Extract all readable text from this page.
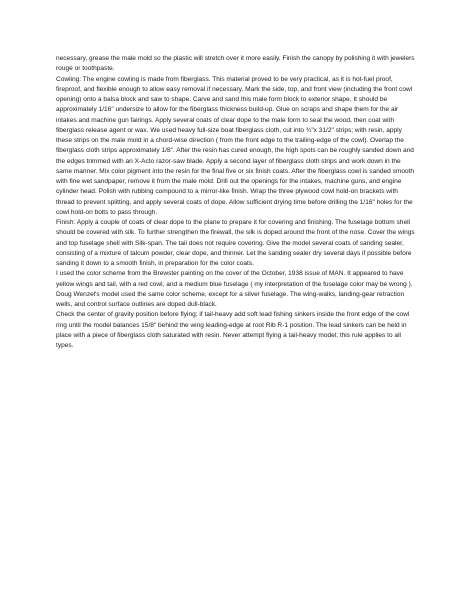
necessary, grease the male mold so the plastic will stretch over it more easily. Finish the canopy by polishing it with jewelers rouge or toothpaste.

Cowling: The engine cowling is made from fiberglass. This material proved to be very practical, as it is hot-fuel proof, fireproof, and flexible enough to allow easy removal if necessary. Mark the side, top, and front view (including the front cowl opening) onto a balsa block and saw to shape. Carve and sand this male form block to exterior shape. It should be approximately 1/16" undersize to allow for the fiberglass thickness build-up. Glue on scraps and shape them for the air intakes and machine gun fairings. Apply several coats of clear dope to the male form to seal the wood, then coat with fiberglass release agent or wax. We used heavy full-size boat fiberglass cloth, cut into ¾"x 31/2" strips; with resin, apply these strips on the male mold in a chord-wise direction ( from the front edge to the trailing-edge of the cowl). Overlap the fiberglass cloth strips approximately 1/8". After the resin has cured enough, the high spots can be roughly sanded down and the edges trimmed with an X-Acto razor-saw blade. Apply a second layer of fiberglass cloth strips and work down in the same manner. Mix color pigment into the resin for the final five or six finish coats. After the fiberglass cowl is sanded smooth with fine wet sandpaper, remove it from the male mold. Drill out the openings for the intakes, machine guns, and engine cylinder head. Polish with rubbing compound to a mirror-like finish. Wrap the three plywood cowl hold-on brackets with thread to prevent splitting, and apply several coats of dope. Allow sufficient drying time before drilling the 1/16" holes for the cowl hold-on bolts to pass through.

Finish: Apply a couple of coats of clear dope to the plane to prepare it for covering and finishing. The fuselage bottom shell should be covered with silk. To further strengthen the firewall, the silk is doped around the front of the nose. Cover the wings and top fuselage shell with Silk-span. The tail does not require covering. Give the model several coats of sanding sealer, consisting of a mixture of talcum powder, clear dope, and thinner. Let the sanding sealer dry several days if possible before sanding it down to a smooth finish, in preparation for the color coats.

I used the color scheme from the Brewster painting on the cover of the October, 1938 issue of MAN. It appeared to have yellow wings and tail, with a red cowl, and a medium blue fuselage ( my interpretation of the fuselage color may be wrong ). Doug Wenzel's model used the same color scheme, except for a silver fuselage. The wing-walks, landing-gear retraction wells, and control surface outlines are doped dull-black.

Check the center of gravity position before flying; if tail-heavy add soft lead fishing sinkers inside the front edge of the cowl ring until the model balances 15/8" behind the wing leading-edge at root Rib R-1 position. The lead sinkers can be held in place with a piece of fiberglass cloth saturated with resin. Never attempt flying a tail-heavy model; this rule applies to all types.
